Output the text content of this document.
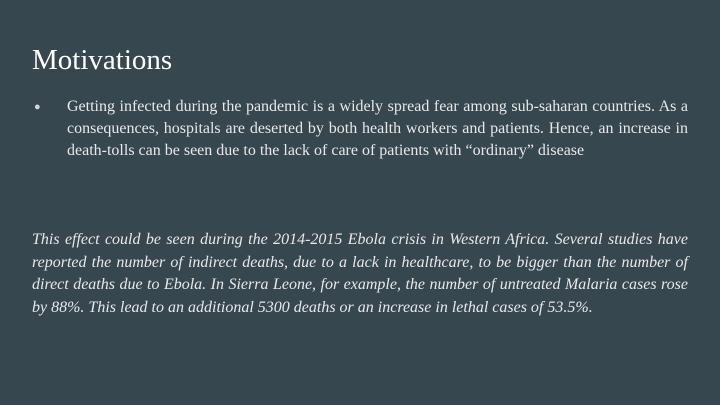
Motivations
●	Getting infected during the pandemic is a widely spread fear among sub-saharan countries. As a consequences, hospitals are deserted by both health workers and patients. Hence, an increase in death-tolls can be seen due to the lack of care of patients with “ordinary” disease

This effect could be seen during the 2014-2015 Ebola crisis in Western Africa. Several studies have reported the number of indirect deaths, due to a lack in healthcare, to be bigger than the number of direct deaths due to Ebola. In Sierra Leone, for example, the number of untreated Malaria cases rose by 88%. This lead to an additional 5300 deaths or an increase in lethal cases of 53.5%.
